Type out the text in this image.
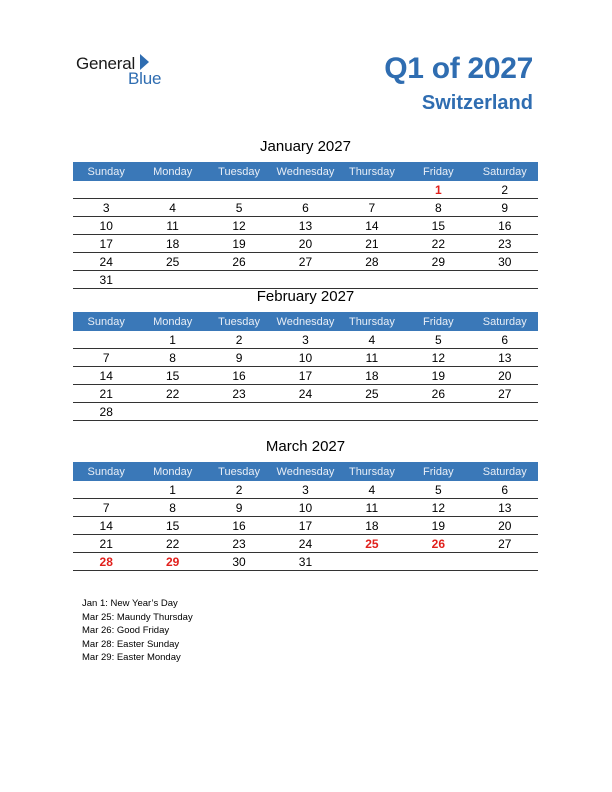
General
Blue	Q1 of 2027
Switzerland
January 2027
Sunday	Monday	Tuesday	Wednesday	Thursday	Friday	Saturday
					1	2
3	4	5	6	7	8	9
10	11	12	13	14	15	16
17	18	19	20	21	22	23
24	25	26	27	28	29	30
31						
February 2027
Sunday	Monday	Tuesday	Wednesday	Thursday	Friday	Saturday
	1	2	3	4	5	6
7	8	9	10	11	12	13
14	15	16	17	18	19	20
21	22	23	24	25	26	27
28						
March 2027
Sunday	Monday	Tuesday	Wednesday	Thursday	Friday	Saturday
	1	2	3	4	5	6
7	8	9	10	11	12	13
14	15	16	17	18	19	20
21	22	23	24	25	26	27
28	29	30	31			
Jan 1: New Year’s Day
Mar 25: Maundy Thursday
Mar 26: Good Friday
Mar 28: Easter Sunday
Mar 29: Easter Monday
